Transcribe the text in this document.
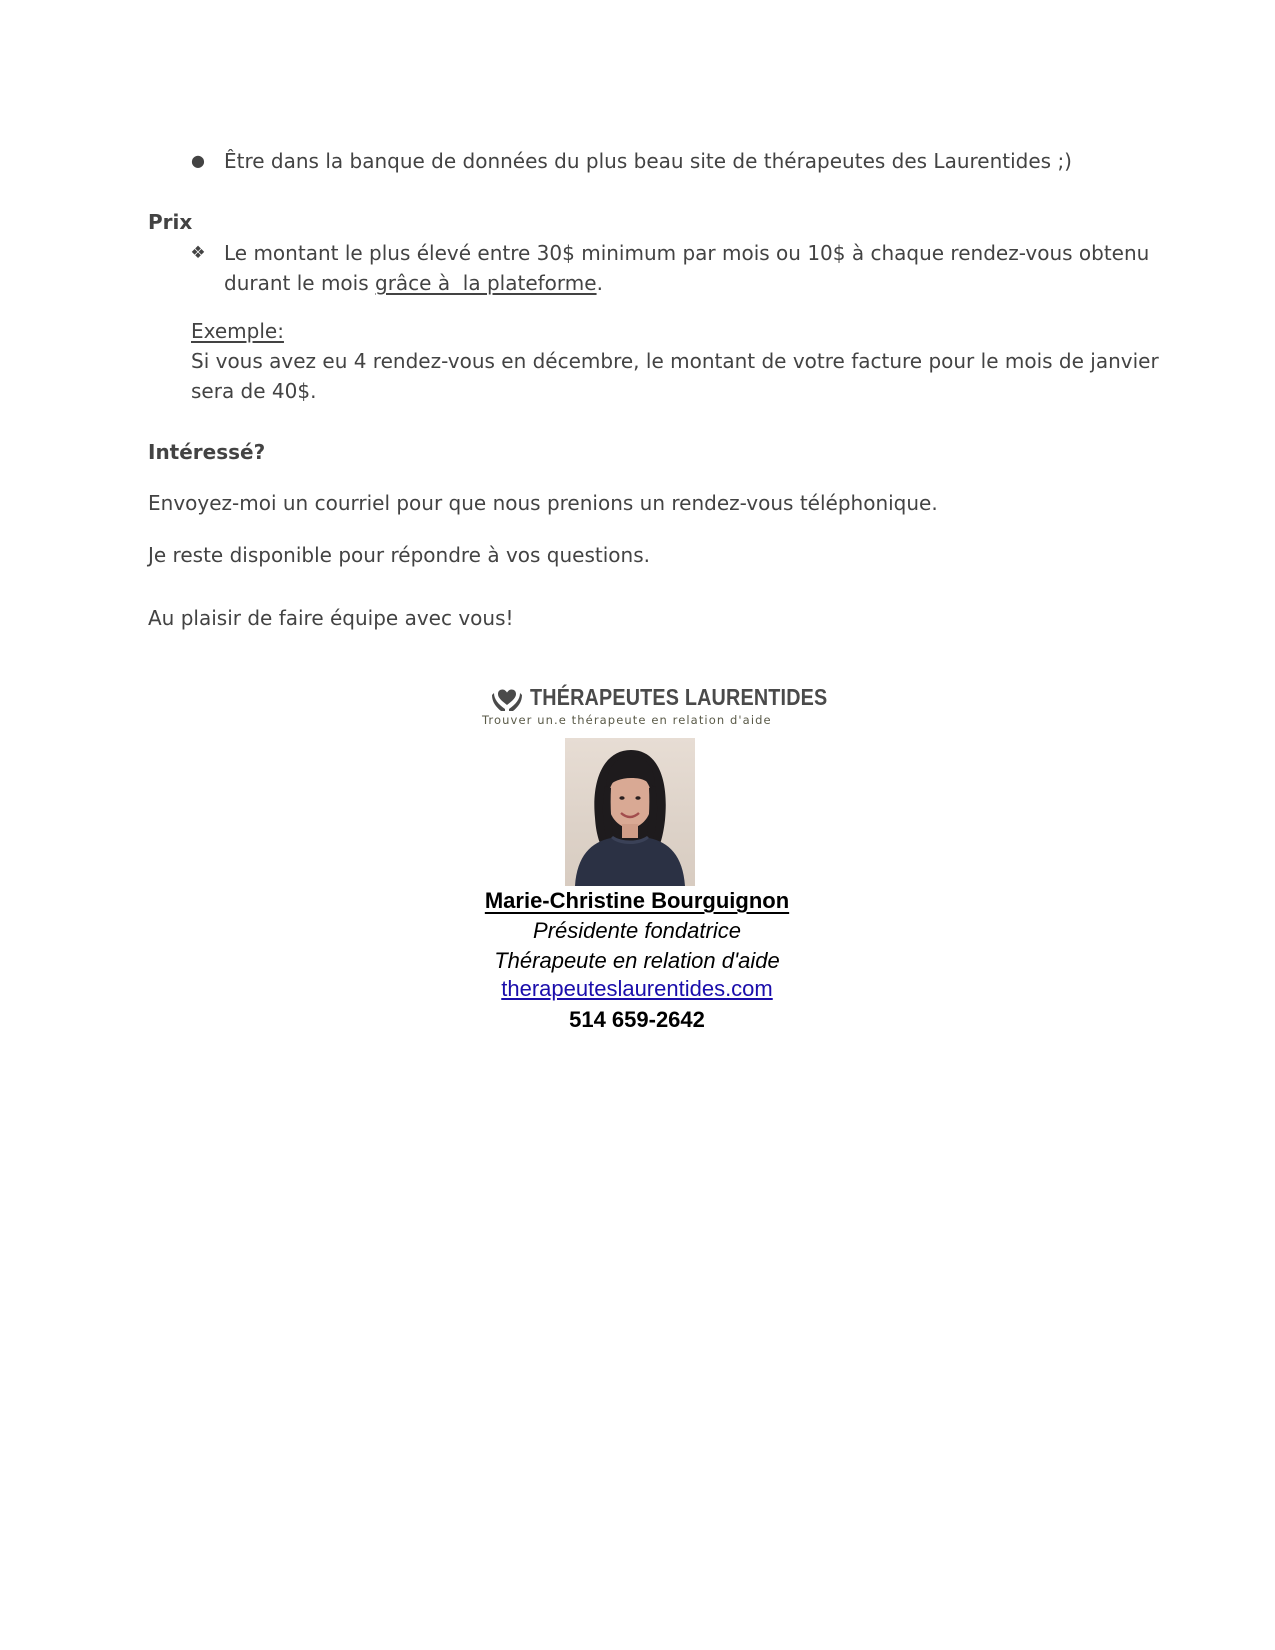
● Être dans la banque de données du plus beau site de thérapeutes des Laurentides ;)
Prix
❖ Le montant le plus élevé entre 30$ minimum par mois ou 10$ à chaque rendez-vous obtenu
durant le mois grâce à  la plateforme.
Exemple:
Si vous avez eu 4 rendez-vous en décembre, le montant de votre facture pour le mois de janvier
sera de 40$.
Intéressé?
Envoyez-moi un courriel pour que nous prenions un rendez-vous téléphonique.
Je reste disponible pour répondre à vos questions.
Au plaisir de faire équipe avec vous!
THÉRAPEUTES LAURENTIDES
Trouver un.e thérapeute en relation d'aide
Marie-Christine Bourguignon
Présidente fondatrice
Thérapeute en relation d'aide
therapeuteslaurentides.com
514 659-2642
